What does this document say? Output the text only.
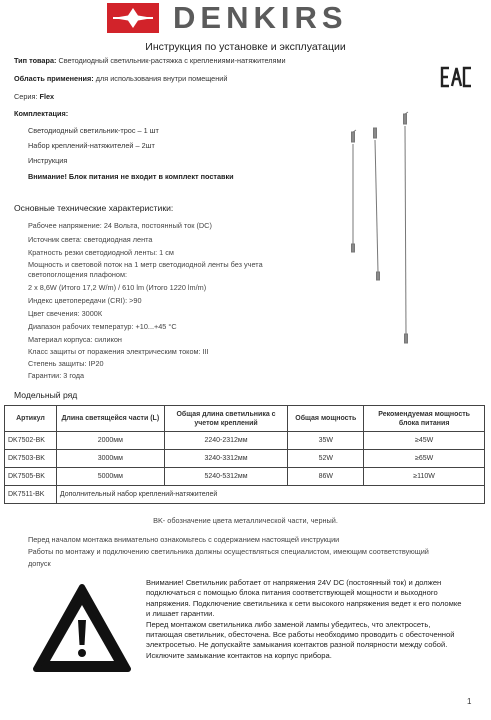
DENKIRS
Инструкция по установке и эксплуатации
Тип товара: Светодиодный светильник-растяжка с креплениями-натяжителями
Область применения: для использования внутри помещений
Серия: Flex
Комплектация:
Светодиодный светильник-трос – 1 шт
Набор креплений-натяжителей – 2шт
Инструкция
Внимание! Блок питания не входит в комплект поставки
Основные технические характеристики:
Рабочее напряжение: 24 Вольта, постоянный ток (DC)
Источник света: светодиодная лента
Кратность резки светодиодной ленты: 1 см
Мощность и световой поток на 1 метр светодиодной ленты без учета
светопоглощения плафоном:
2 х 8,6W (Итого 17,2 W/m) / 610 lm (Итого 1220 lm/m)
Индекс цветопередачи (CRI): >90
Цвет свечения: 3000К
Диапазон рабочих температур: +10...+45 °С
Материал корпуса: силикон
Класс защиты от поражения электрическим током: III
Степень защиты: IP20
Гарантии: 3 года
Модельный ряд
Артикул	Длина светящейся части (L)	Общая длина светильника с учетом креплений	Общая мощность	Рекомендуемая мощность блока питания
DK7502-BK	2000мм	2240-2312мм	35W	≥45W
DK7503-BK	3000мм	3240-3312мм	52W	≥65W
DK7505-BK	5000мм	5240-5312мм	86W	≥110W
DK7511-BK	Дополнительный набор креплений-натяжителей			
BK- обозначение цвета металлической части, черный.
Перед началом монтажа внимательно ознакомьтесь с содержанием настоящей инструкции
Работы по монтажу и подключению светильника должны осуществляться специалистом, имеющим соответствующий
допуск

Внимание! Светильник работает от напряжения 24V DC (постоянный ток) и должен подключаться с помощью блока питания соответствующей мощности и выходного напряжения. Подключение светильника к сети высокого напряжения ведет к его поломке и лишает гарантии.

Перед монтажом светильника либо заменой лампы убедитесь, что электросеть, питающая светильник, обесточена. Все работы необходимо проводить с обесточенной электросетью. Не допускайте замыкания контактов разной полярности между собой. Исключите замыкание контактов на корпус прибора.

1
